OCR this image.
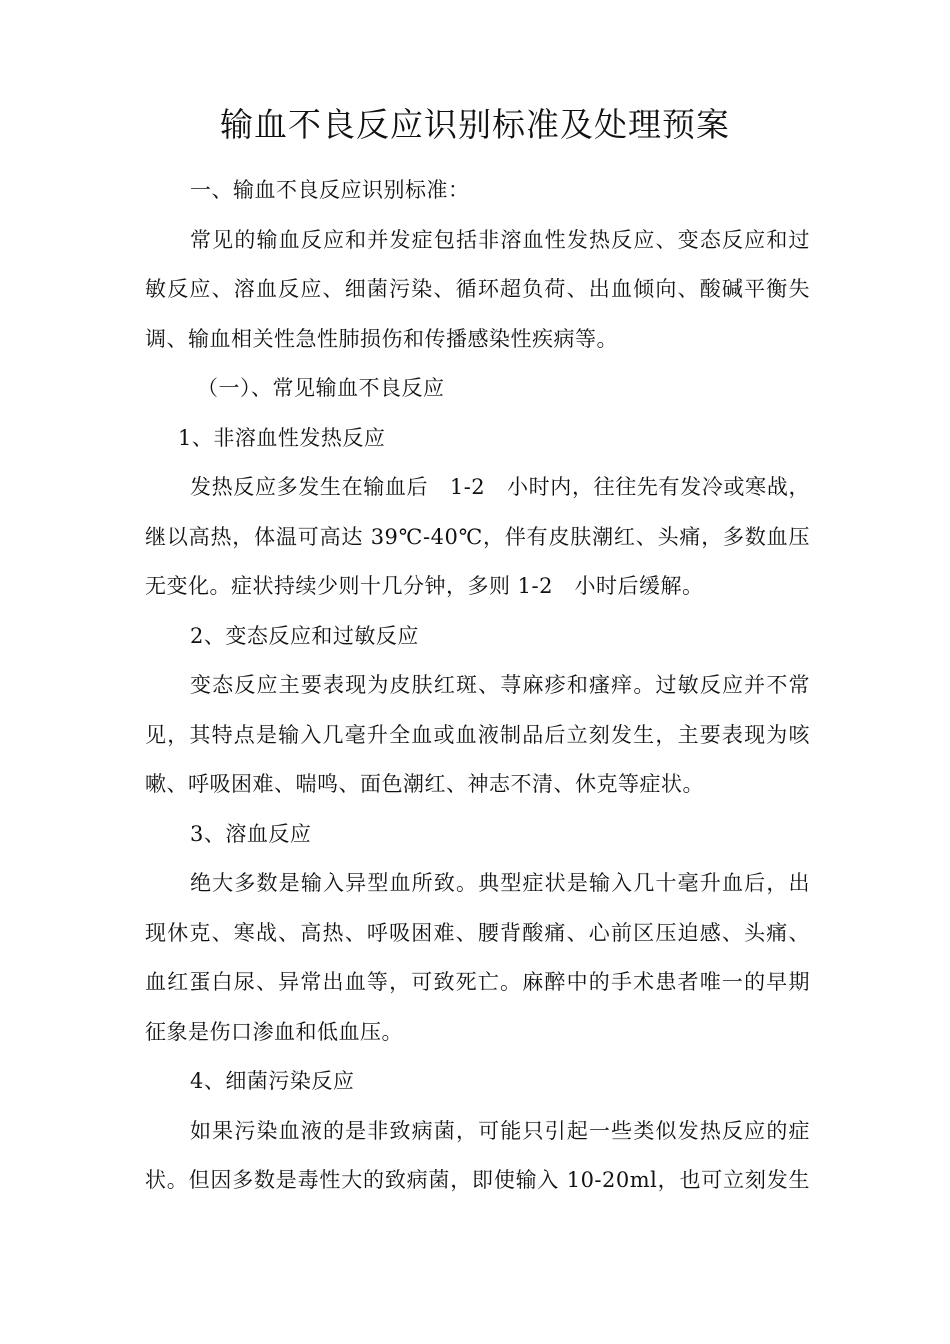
输血不良反应识别标准及处理预案
一、输血不良反应识别标准：
常见的输血反应和并发症包括非溶血性发热反应、变态反应和过
敏反应、溶血反应、细菌污染、循环超负荷、出血倾向、酸碱平衡失
调、输血相关性急性肺损伤和传播感染性疾病等。
（一）、常见输血不良反应
1、非溶血性发热反应
发热反应多发生在输血后　1-2　小时内，往往先有发冷或寒战，
继以高热，体温可高达 39℃-40℃，伴有皮肤潮红、头痛，多数血压
无变化。症状持续少则十几分钟，多则 1-2　小时后缓解。
2、变态反应和过敏反应
变态反应主要表现为皮肤红斑、荨麻疹和瘙痒。过敏反应并不常
见，其特点是输入几毫升全血或血液制品后立刻发生，主要表现为咳
嗽、呼吸困难、喘鸣、面色潮红、神志不清、休克等症状。
3、溶血反应
绝大多数是输入异型血所致。典型症状是输入几十毫升血后，出
现休克、寒战、高热、呼吸困难、腰背酸痛、心前区压迫感、头痛、
血红蛋白尿、异常出血等，可致死亡。麻醉中的手术患者唯一的早期
征象是伤口渗血和低血压。
4、细菌污染反应
如果污染血液的是非致病菌，可能只引起一些类似发热反应的症
状。但因多数是毒性大的致病菌，即使输入 10-20ml，也可立刻发生
